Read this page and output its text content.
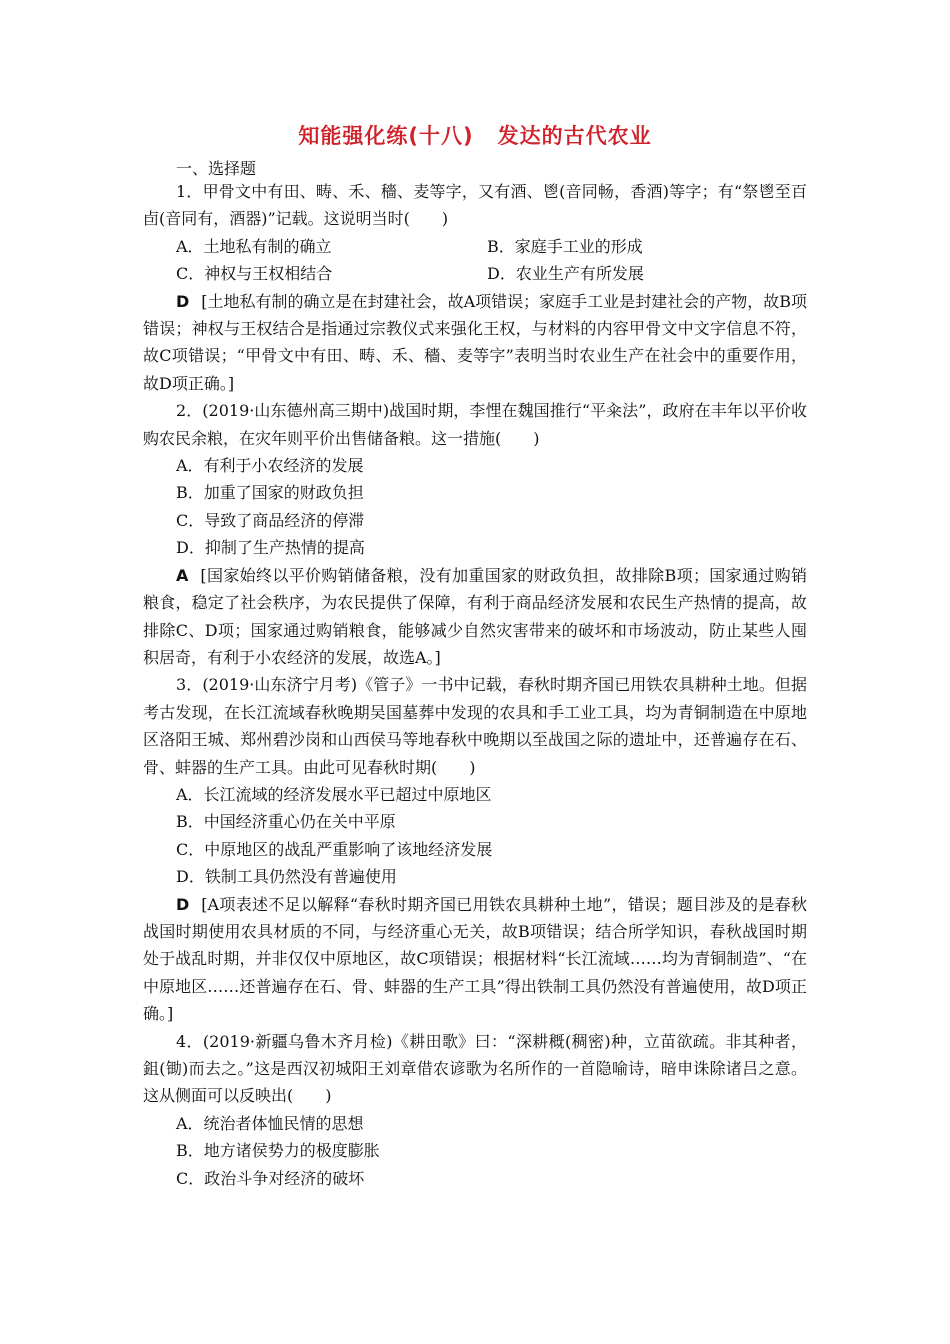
知能强化练(十八) 发达的古代农业

一、选择题

1．甲骨文中有田、畴、禾、穡、麦等字，又有酒、鬯(音同畅，香酒)等字；有“祭鬯至百卣(音同有，酒器)”记载。这说明当时(　　)

A．土地私有制的确立	B．家庭手工业的形成

C．神权与王权相结合	D．农业生产有所发展

D [土地私有制的确立是在封建社会，故A项错误；家庭手工业是封建社会的产物，故B项错误；神权与王权结合是指通过宗教仪式来强化王权，与材料的内容甲骨文中文字信息不符，故C项错误；“甲骨文中有田、畴、禾、穡、麦等字”表明当时农业生产在社会中的重要作用，故D项正确。]

2．(2019·山东德州高三期中)战国时期，李悝在魏国推行“平籴法”，政府在丰年以平价收购农民余粮，在灾年则平价出售储备粮。这一措施(　　)

A．有利于小农经济的发展

B．加重了国家的财政负担

C．导致了商品经济的停滞

D．抑制了生产热情的提高

A [国家始终以平价购销储备粮，没有加重国家的财政负担，故排除B项；国家通过购销粮食，稳定了社会秩序，为农民提供了保障，有利于商品经济发展和农民生产热情的提高，故排除C、D项；国家通过购销粮食，能够减少自然灾害带来的破坏和市场波动，防止某些人囤积居奇，有利于小农经济的发展，故选A。]

3．(2019·山东济宁月考)《管子》一书中记载，春秋时期齐国已用铁农具耕种土地。但据考古发现，在长江流域春秋晚期吴国墓葬中发现的农具和手工业工具，均为青铜制造在中原地区洛阳王城、郑州碧沙岗和山西侯马等地春秋中晚期以至战国之际的遗址中，还普遍存在石、骨、蚌器的生产工具。由此可见春秋时期(　　)

A．长江流域的经济发展水平已超过中原地区

B．中国经济重心仍在关中平原

C．中原地区的战乱严重影响了该地经济发展

D．铁制工具仍然没有普遍使用

D [A项表述不足以解释“春秋时期齐国已用铁农具耕种土地”，错误；题目涉及的是春秋战国时期使用农具材质的不同，与经济重心无关，故B项错误；结合所学知识，春秋战国时期处于战乱时期，并非仅仅中原地区，故C项错误；根据材料“长江流域……均为青铜制造”、“在中原地区……还普遍存在石、骨、蚌器的生产工具”得出铁制工具仍然没有普遍使用，故D项正确。]

4．(2019·新疆乌鲁木齐月检)《耕田歌》曰：“深耕穊(稠密)种，立苗欲疏。非其种者，鉏(锄)而去之。”这是西汉初城阳王刘章借农谚歌为名所作的一首隐喻诗，暗申诛除诸吕之意。这从侧面可以反映出(　　)

A．统治者体恤民情的思想

B．地方诸侯势力的极度膨胀

C．政治斗争对经济的破坏
